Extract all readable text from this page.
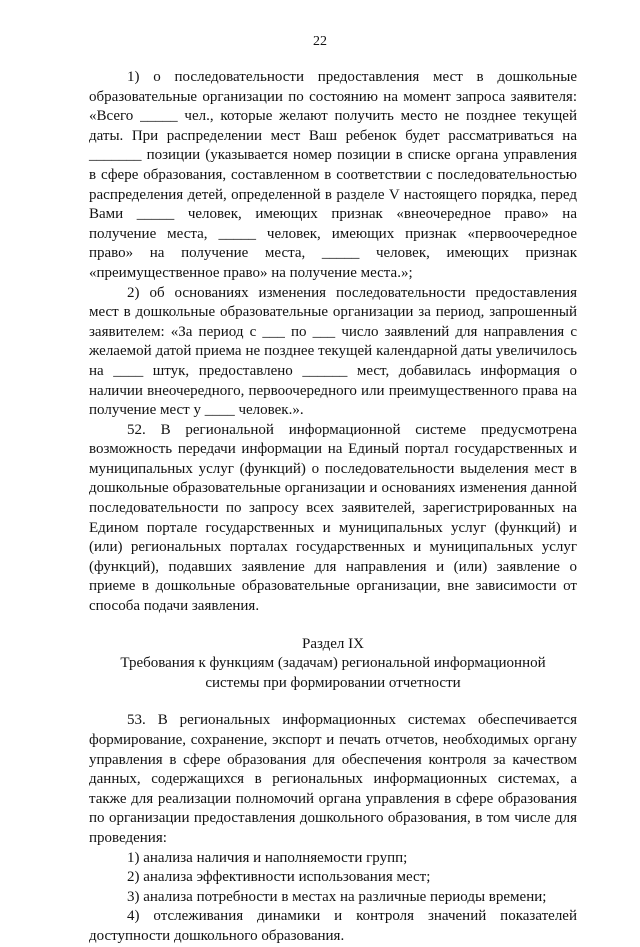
22

1) о последовательности предоставления мест в дошкольные образовательные организации по состоянию на момент запроса заявителя: «Всего _____ чел., которые желают получить место не позднее текущей даты. При распределении мест Ваш ребенок будет рассматриваться на _______ позиции (указывается номер позиции в списке органа управления в сфере образования, составленном в соответствии с последовательностью распределения детей, определенной в разделе V настоящего порядка, перед Вами _____ человек, имеющих признак «внеочередное право» на получение места, _____ человек, имеющих признак «первоочередное право» на получение места, _____ человек, имеющих признак «преимущественное право» на получение места.»;

2) об основаниях изменения последовательности предоставления мест в дошкольные образовательные организации за период, запрошенный заявителем: «За период с ___ по ___ число заявлений для направления с желаемой датой приема не позднее текущей календарной даты увеличилось на ____ штук, предоставлено ______ мест, добавилась информация о наличии внеочередного, первоочередного или преимущественного права на получение мест у ____ человек.».

52. В региональной информационной системе предусмотрена возможность передачи информации на Единый портал государственных и муниципальных услуг (функций) о последовательности выделения мест в дошкольные образовательные организации и основаниях изменения данной последовательности по запросу всех заявителей, зарегистрированных на Едином портале государственных и муниципальных услуг (функций) и (или) региональных порталах государственных и муниципальных услуг (функций), подавших заявление для направления и (или) заявление о приеме в дошкольные образовательные организации, вне зависимости от способа подачи заявления.

Раздел IX

Требования к функциям (задачам) региональной информационной

системы при формировании отчетности

53. В региональных информационных системах обеспечивается формирование, сохранение, экспорт и печать отчетов, необходимых органу управления в сфере образования для обеспечения контроля за качеством данных, содержащихся в региональных информационных системах, а также для реализации полномочий органа управления в сфере образования по организации предоставления дошкольного образования, в том числе для проведения:

1) анализа наличия и наполняемости групп;

2) анализа эффективности использования мест;

3) анализа потребности в местах на различные периоды времени;

4) отслеживания динамики и контроля значений показателей доступности дошкольного образования.
